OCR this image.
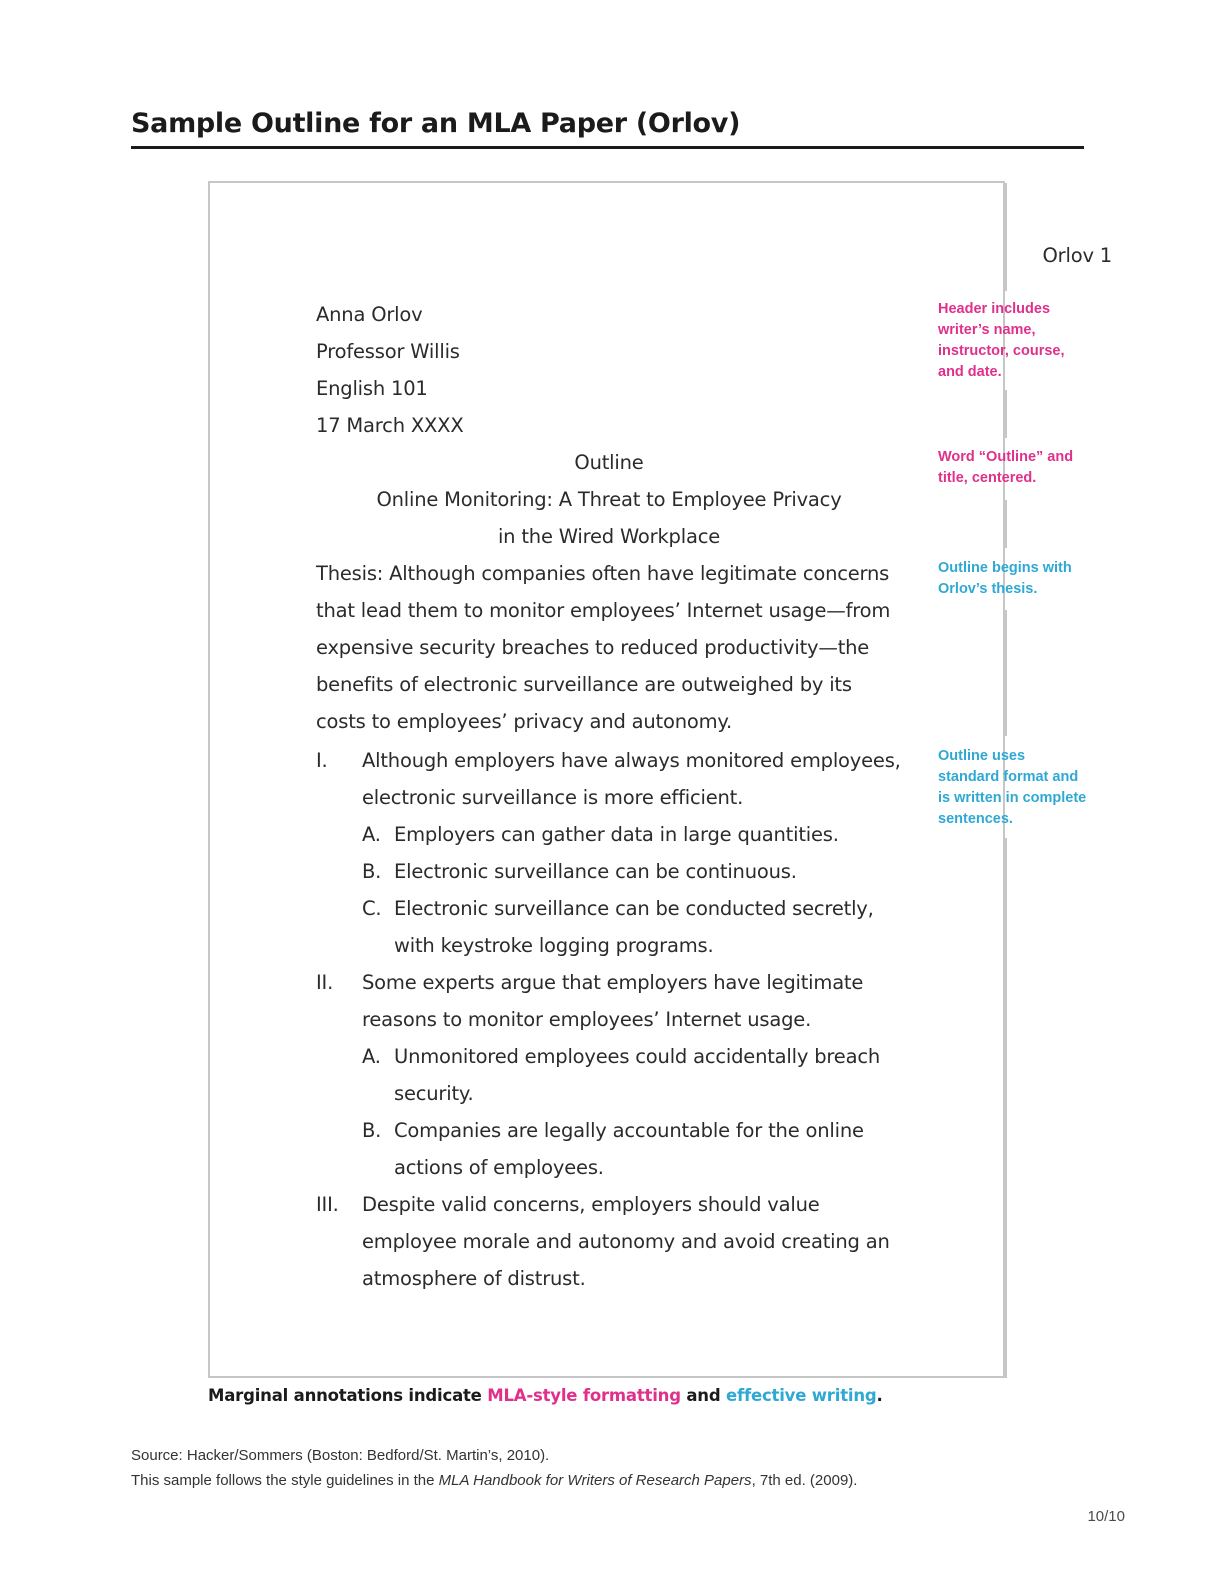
Sample Outline for an MLA Paper (Orlov)
Orlov 1
Anna Orlov
Professor Willis
English 101
17 March XXXX
Outline
Online Monitoring: A Threat to Employee Privacy
in the Wired Workplace
Thesis: Although companies often have legitimate concerns that lead them to monitor employees’ Internet usage—from expensive security breaches to reduced productivity—the benefits of electronic surveillance are outweighed by its costs to employees’ privacy and autonomy.
I.	Although employers have always monitored employees, electronic surveillance is more efficient.
A. Employers can gather data in large quantities.
B. Electronic surveillance can be continuous.
C. Electronic surveillance can be conducted secretly, with keystroke logging programs.
II.	Some experts argue that employers have legitimate reasons to monitor employees’ Internet usage.
A. Unmonitored employees could accidentally breach security.
B. Companies are legally accountable for the online actions of employees.
III.	Despite valid concerns, employers should value employee morale and autonomy and avoid creating an atmosphere of distrust.
Marginal annotations indicate MLA-style formatting and effective writing.
Source: Hacker/Sommers (Boston: Bedford/St. Martin’s, 2010).
This sample follows the style guidelines in the MLA Handbook for Writers of Research Papers, 7th ed. (2009).
10/10
Header includes writer’s name, instructor, course, and date.
Word “Outline” and title, centered.
Outline begins with Orlov’s thesis.
Outline uses standard format and is written in complete sentences.
